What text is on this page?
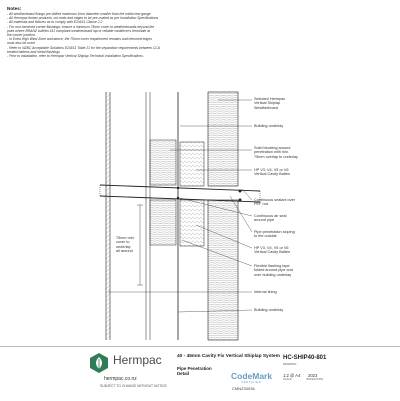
Notes:
- All weatherboard fixings pre-drilled maximum 1mm diameter smaller than the nail/screw gauge
- All Hermpac timber products; cut ends and edges to be pre-coated as per Installation Specifications
- All materials and fixtures as to comply with E2/AS1 Clause 2.2
- For non-hemmed corner flashings; ensure a minimum 75mm cover to weatherboards beyond the
point where BRANZ bulletin 411 compliant weatherboard lap or reliable cantilever's terminate at
the corner junction.
- In Extra High Wind Zone and above, the 75mm cover requirement remains and hemmed edges
must also be used.
- Refer to NZBC Acceptable Solutions E2/AS1 Table 21 for the separation requirements between CCA
treated battens and metal flashings
- Prior to installation, refer to Hermpac Vertical Shiplap Technical Installation Specifications.
Selected Hermpac
Vertical Shiplap
Weatherboard
Building underlay
Solid blocking around
penetration with min.
75mm overlap to underlay
HP V3, V4, V5 or V6
Vertical Cavity Batten
Continuous sealant over
PEF rod
Continuous air seal
around pipe
Pipe penetration sloping
to the outside
HP V3, V4, V5 or V6
Vertical Cavity Batten
Flexible flashing tape
folded around pipe and
over building underlay
Internal lining
Building underlay
75mm min.
cover to
underlay
all around
Hermpac
hermpac.co.nz
SUBJECT TO CHANGE WITHOUT NOTICE
40 - 45mm Cavity Fix Vertical Shiplap System
Pipe Penetration
Detail	CodeMark
CERTIFIED
CMNZ30036
HC-SHIP40-801
DRAWING
1:2 @ A4 2023
SCALE	ISSUED DATE
